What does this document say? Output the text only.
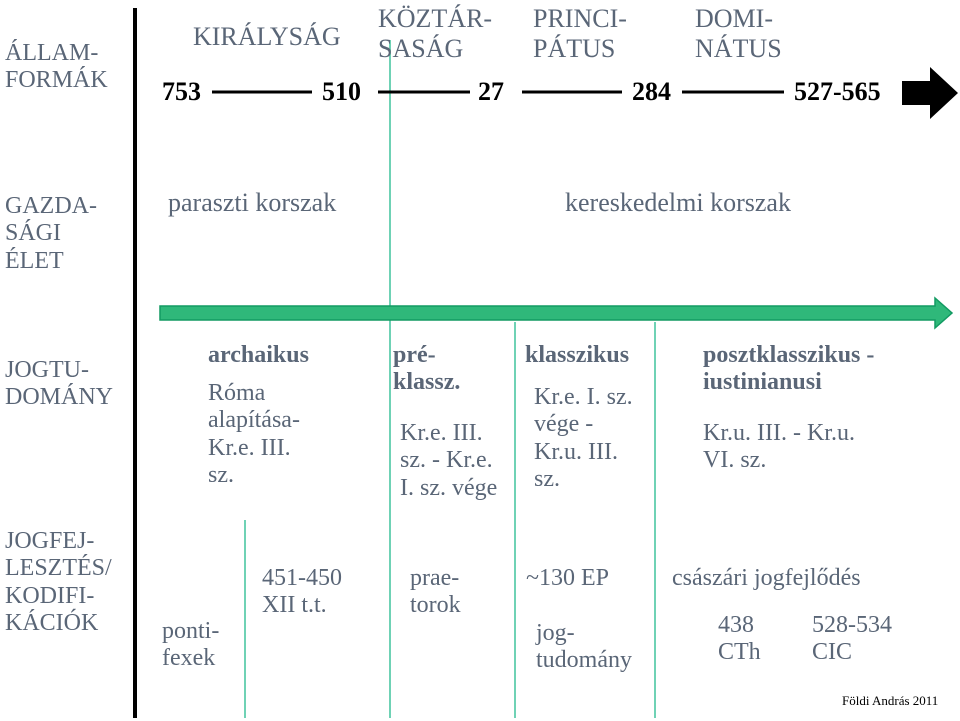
ÁLLAM-
FORMÁK
GAZDA-
SÁGI
ÉLET
JOGTU-
DOMÁNY
JOGFEJ-
LESZTÉS/
KODIFI-
KÁCIÓK
KIRÁLYSÁG
KÖZTÁR-
SASÁG
PRINCI-
PÁTUS
DOMI-
NÁTUS
753	510	27	284	527-565
paraszti korszak	kereskedelmi korszak
archaikus
Róma
alapítása-
Kr.e. III.
sz.
pré-
klassz.
Kr.e. III.
sz. - Kr.e.
I. sz. vége
klasszikus
Kr.e. I. sz.
vége -
Kr.u. III.
sz.
posztklasszikus -
iustinianusi
Kr.u. III. - Kr.u.
VI. sz.
ponti-
fexek
451-450
XII t.t.
prae-
torok
~130 EP
jog-
tudomány
császári jogfejlődés
438
CTh
528-534
CIC
Földi András 2011
